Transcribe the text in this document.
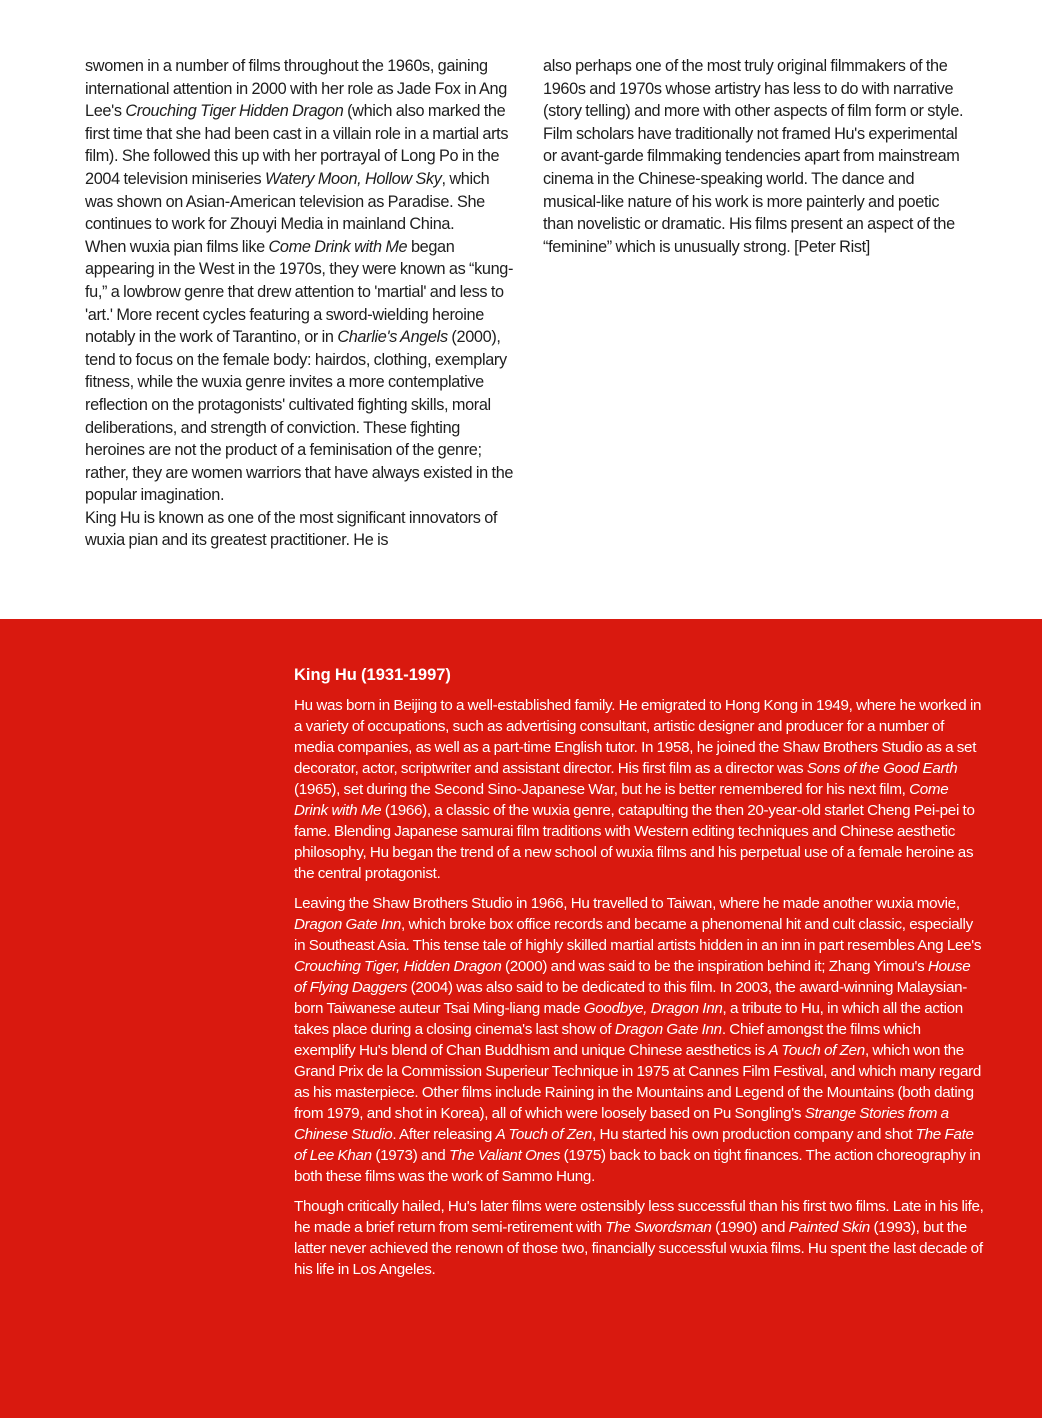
swomen in a number of films throughout the 1960s, gaining international attention in 2000 with her role as Jade Fox in Ang Lee's Crouching Tiger Hidden Dragon (which also marked the first time that she had been cast in a villain role in a martial arts film). She followed this up with her portrayal of Long Po in the 2004 television miniseries Watery Moon, Hollow Sky, which was shown on Asian-American television as Paradise. She continues to work for Zhouyi Media in mainland China.

When wuxia pian films like Come Drink with Me began appearing in the West in the 1970s, they were known as “kung-fu,” a lowbrow genre that drew attention to 'martial' and less to 'art.' More recent cycles featuring a sword-wielding heroine notably in the work of Tarantino, or in Charlie's Angels (2000), tend to focus on the female body: hairdos, clothing, exemplary fitness, while the wuxia genre invites a more contemplative reflection on the protagonists' cultivated fighting skills, moral deliberations, and strength of conviction. These fighting heroines are not the product of a feminisation of the genre; rather, they are women warriors that have always existed in the popular imagination.

King Hu is known as one of the most significant innovators of wuxia pian and its greatest practitioner. He is

also perhaps one of the most truly original filmmakers of the 1960s and 1970s whose artistry has less to do with narrative (story telling) and more with other aspects of film form or style. Film scholars have traditionally not framed Hu's experimental or avant-garde filmmaking tendencies apart from mainstream cinema in the Chinese-speaking world. The dance and musical-like nature of his work is more painterly and poetic than novelistic or dramatic. His films present an aspect of the “feminine” which is unusually strong. [Peter Rist]

King Hu (1931-1997)

Hu was born in Beijing to a well-established family. He emigrated to Hong Kong in 1949, where he worked in a variety of occupations, such as advertising consultant, artistic designer and producer for a number of media companies, as well as a part-time English tutor. In 1958, he joined the Shaw Brothers Studio as a set decorator, actor, scriptwriter and assistant director. His first film as a director was Sons of the Good Earth (1965), set during the Second Sino-Japanese War, but he is better remembered for his next film, Come Drink with Me (1966), a classic of the wuxia genre, catapulting the then 20-year-old starlet Cheng Pei-pei to fame. Blending Japanese samurai film traditions with Western editing techniques and Chinese aesthetic philosophy, Hu began the trend of a new school of wuxia films and his perpetual use of a female heroine as the central protagonist.

Leaving the Shaw Brothers Studio in 1966, Hu travelled to Taiwan, where he made another wuxia movie, Dragon Gate Inn, which broke box office records and became a phenomenal hit and cult classic, especially in Southeast Asia. This tense tale of highly skilled martial artists hidden in an inn in part resembles Ang Lee's Crouching Tiger, Hidden Dragon (2000) and was said to be the inspiration behind it; Zhang Yimou's House of Flying Daggers (2004) was also said to be dedicated to this film. In 2003, the award-winning Malaysian-born Taiwanese auteur Tsai Ming-liang made Goodbye, Dragon Inn, a tribute to Hu, in which all the action takes place during a closing cinema's last show of Dragon Gate Inn. Chief amongst the films which exemplify Hu's blend of Chan Buddhism and unique Chinese aesthetics is A Touch of Zen, which won the Grand Prix de la Commission Superieur Technique in 1975 at Cannes Film Festival, and which many regard as his masterpiece. Other films include Raining in the Mountains and Legend of the Mountains (both dating from 1979, and shot in Korea), all of which were loosely based on Pu Songling's Strange Stories from a Chinese Studio. After releasing A Touch of Zen, Hu started his own production company and shot The Fate of Lee Khan (1973) and The Valiant Ones (1975) back to back on tight finances. The action choreography in both these films was the work of Sammo Hung.

Though critically hailed, Hu's later films were ostensibly less successful than his first two films. Late in his life, he made a brief return from semi-retirement with The Swordsman (1990) and Painted Skin (1993), but the latter never achieved the renown of those two, financially successful wuxia films. Hu spent the last decade of his life in Los Angeles.
